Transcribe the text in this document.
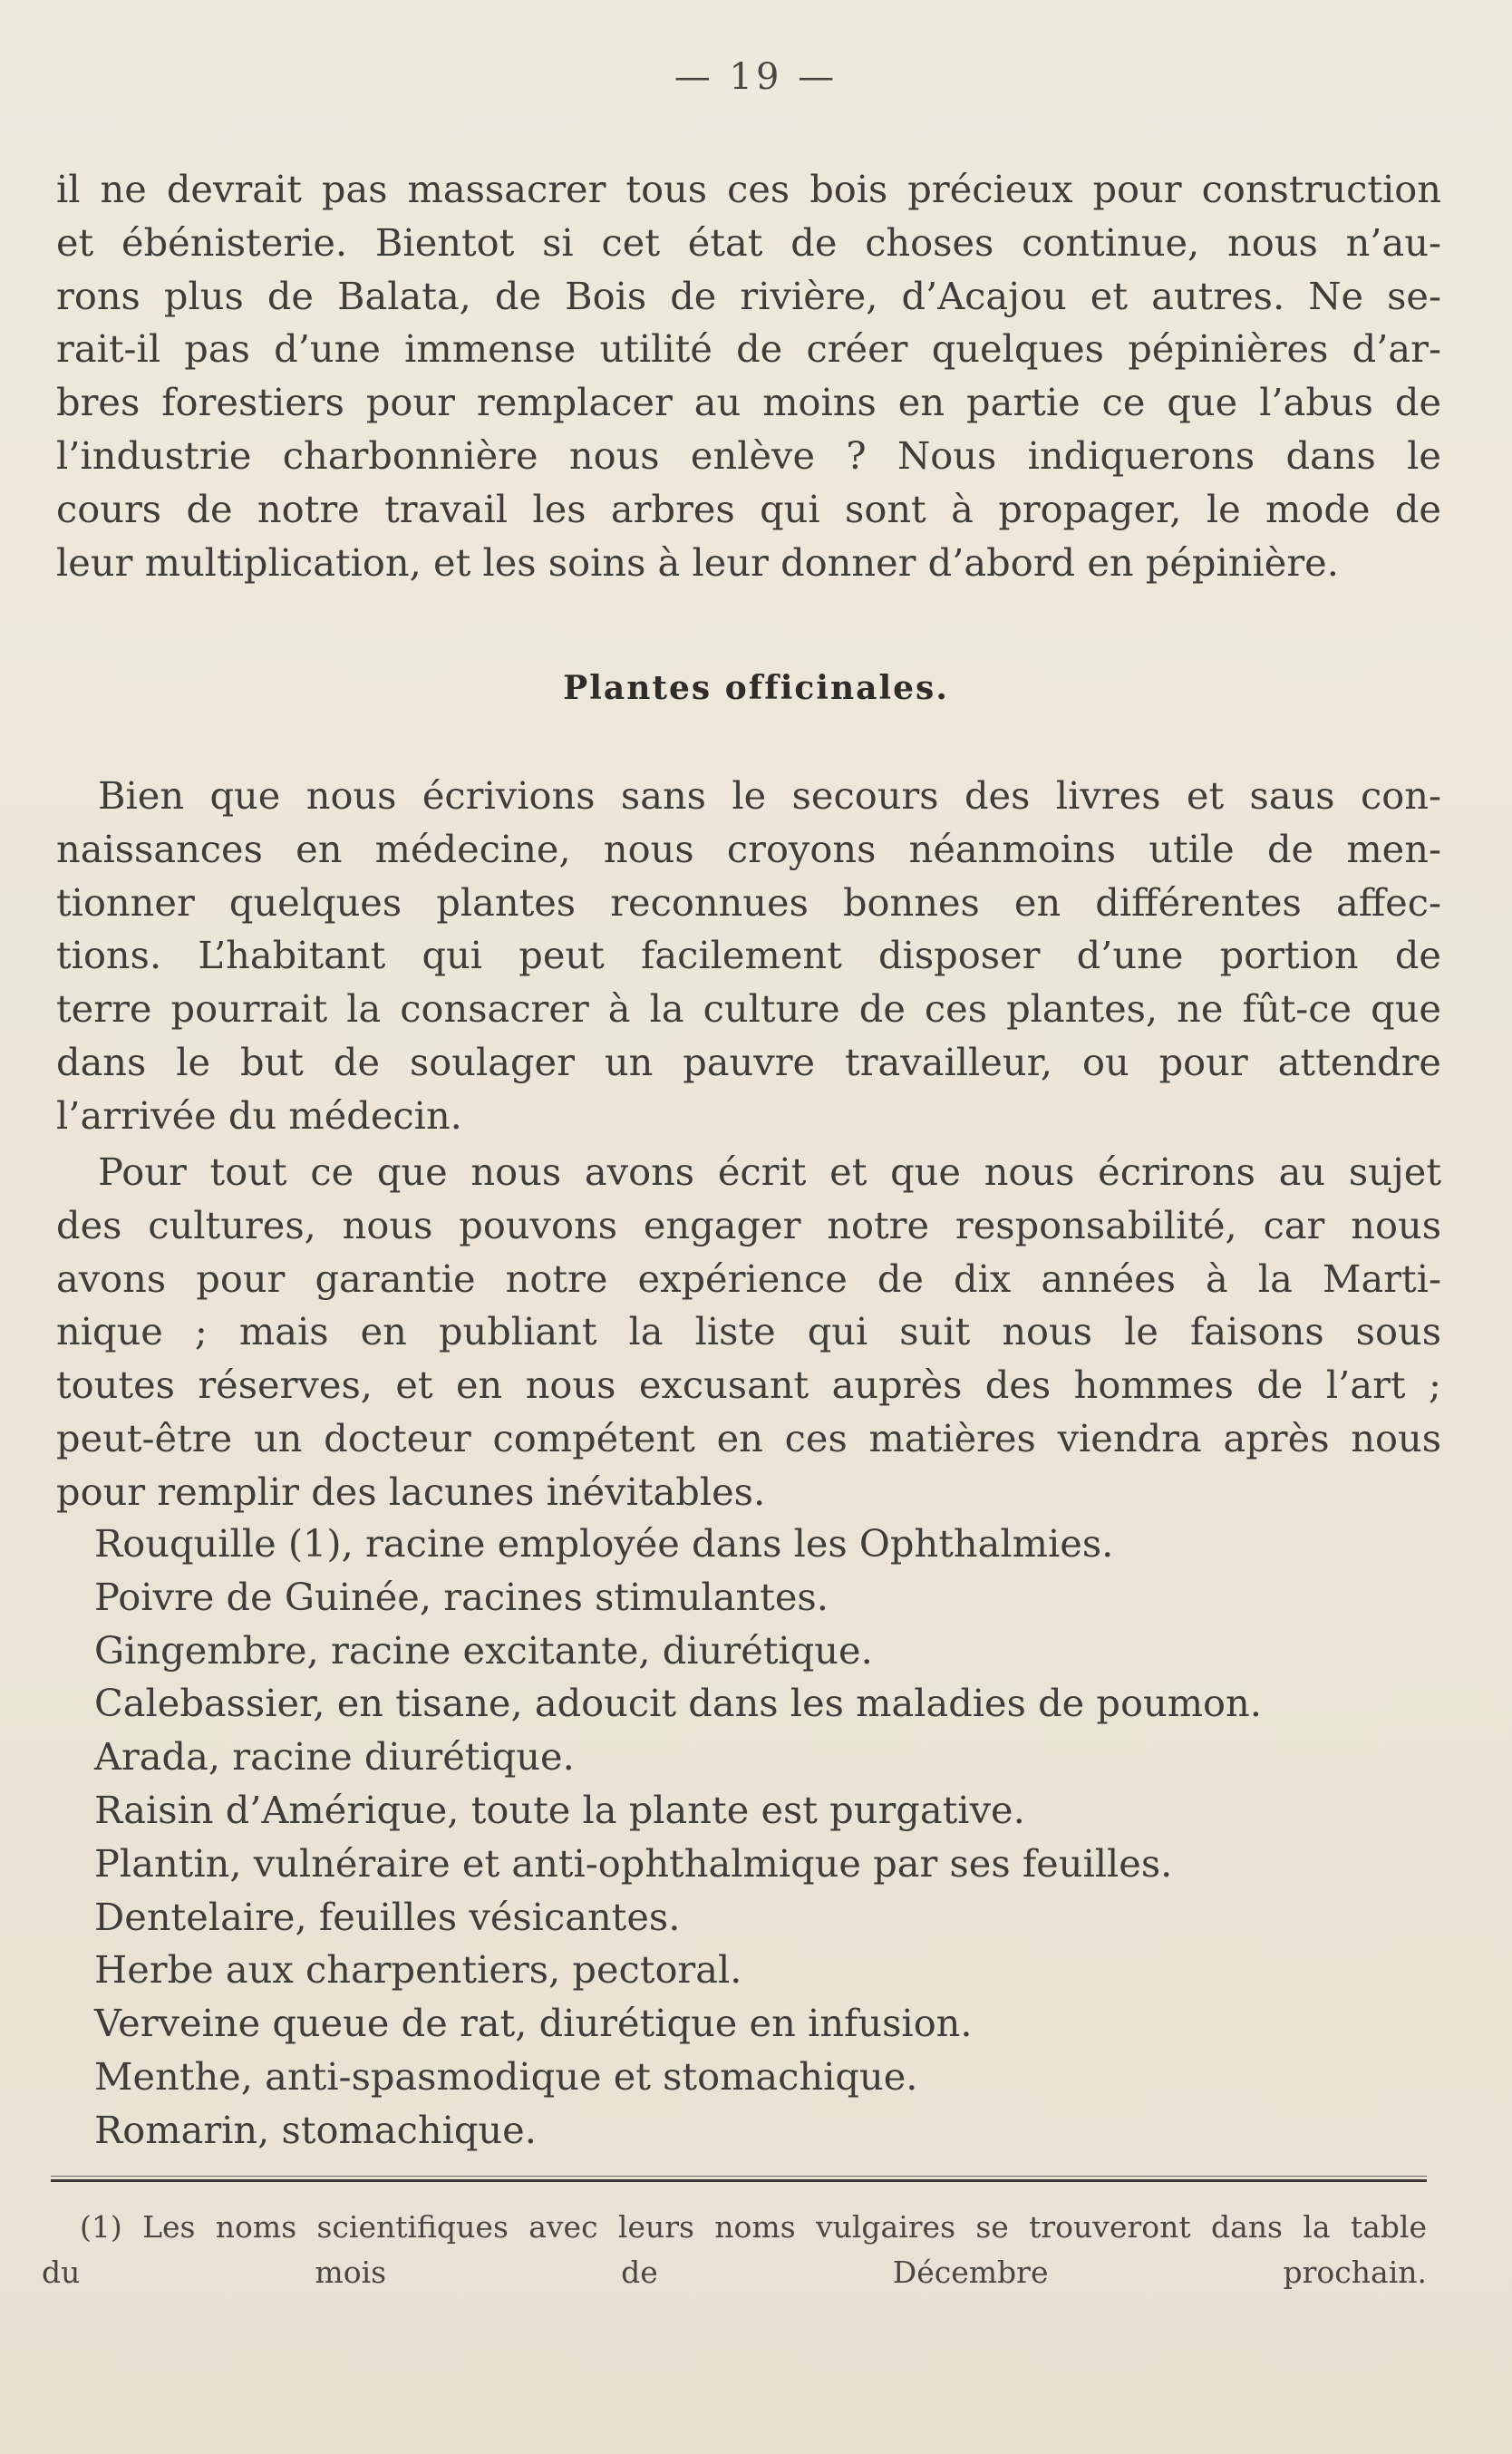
— 19 —
il ne devrait pas massacrer tous ces bois précieux pour construction
et ébénisterie. Bientot si cet état de choses continue, nous n’au-
rons plus de Balata, de Bois de rivière, d’Acajou et autres. Ne se-
rait-il pas d’une immense utilité de créer quelques pépinières d’ar-
bres forestiers pour remplacer au moins en partie ce que l’abus de
l’industrie charbonnière nous enlève ? Nous indiquerons dans le
cours de notre travail les arbres qui sont à propager, le mode de
leur multiplication, et les soins à leur donner d’abord en pépinière.
Plantes officinales.
Bien que nous écrivions sans le secours des livres et saus con-
naissances en médecine, nous croyons néanmoins utile de men-
tionner quelques plantes reconnues bonnes en différentes affec-
tions. L’habitant qui peut facilement disposer d’une portion de
terre pourrait la consacrer à la culture de ces plantes, ne fût-ce que
dans le but de soulager un pauvre travailleur, ou pour attendre
l’arrivée du médecin.
Pour tout ce que nous avons écrit et que nous écrirons au sujet
des cultures, nous pouvons engager notre responsabilité, car nous
avons pour garantie notre expérience de dix années à la Marti-
nique ; mais en publiant la liste qui suit nous le faisons sous
toutes réserves, et en nous excusant auprès des hommes de l’art ;
peut-être un docteur compétent en ces matières viendra après nous
pour remplir des lacunes inévitables.
Rouquille (1), racine employée dans les Ophthalmies.
Poivre de Guinée, racines stimulantes.
Gingembre, racine excitante, diurétique.
Calebassier, en tisane, adoucit dans les maladies de poumon.
Arada, racine diurétique.
Raisin d’Amérique, toute la plante est purgative.
Plantin, vulnéraire et anti-ophthalmique par ses feuilles.
Dentelaire, feuilles vésicantes.
Herbe aux charpentiers, pectoral.
Verveine queue de rat, diurétique en infusion.
Menthe, anti-spasmodique et stomachique.
Romarin, stomachique.
(1) Les noms scientifiques avec leurs noms vulgaires se trouveront dans la table
du mois de Décembre prochain.
